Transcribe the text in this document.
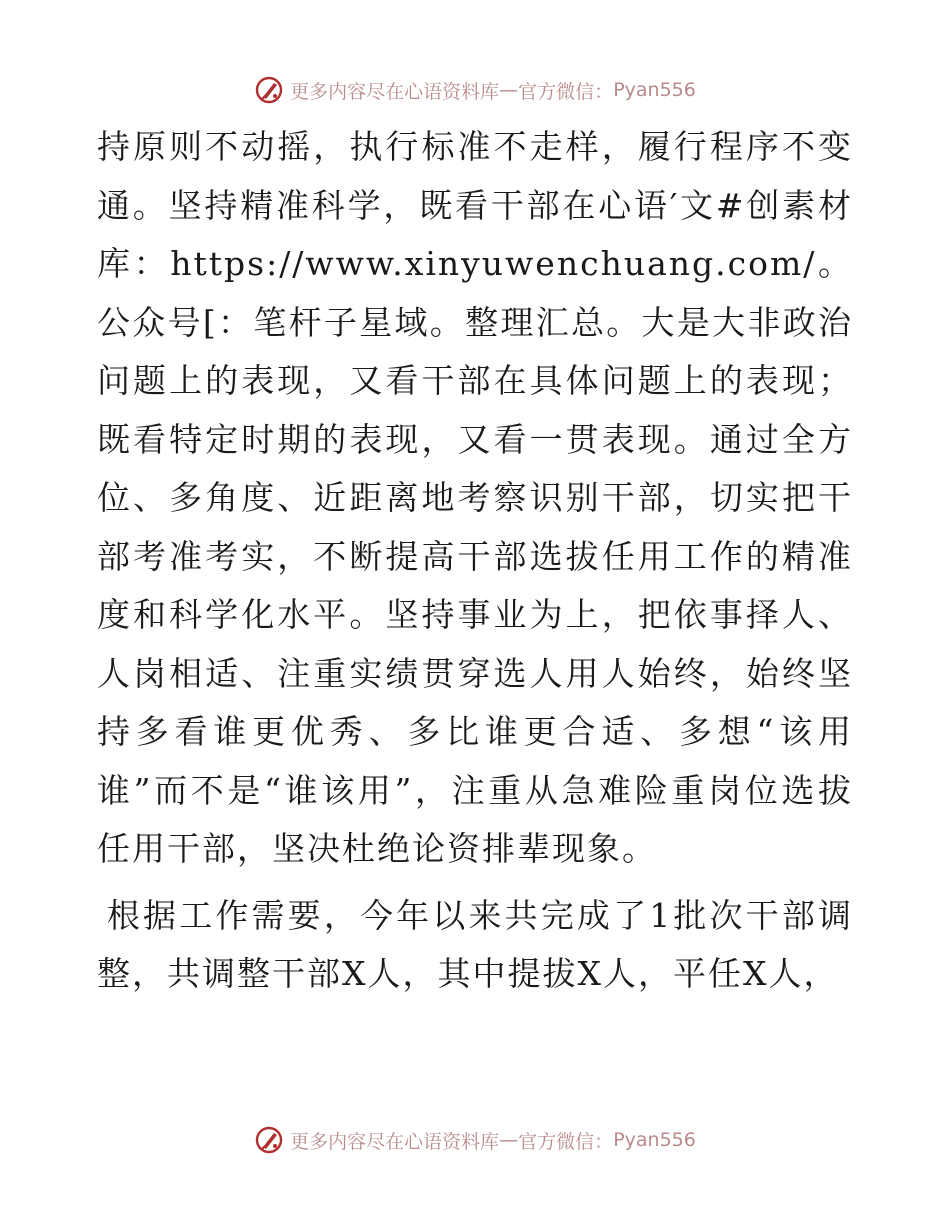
更多内容尽在心语资料库 — 官方微信： Pyan556

持原则不动摇，执行标准不走样，履行程序不变通。坚持精准科学，既看干部在心语′文#创素材库：https://www.xinyuwenchuang.com/。公众号[：笔杆子星域。整理汇总。大是大非政治问题上的表现，又看干部在具体问题上的表现；既看特定时期的表现，又看一贯表现。通过全方位、多角度、近距离地考察识别干部，切实把干部考准考实，不断提高干部选拔任用工作的精准度和科学化水平。坚持事业为上，把依事择人、人岗相适、注重实绩贯穿选人用人始终，始终坚持多看谁更优秀、多比谁更合适、多想“该用谁”而不是“谁该用”，注重从急难险重岗位选拔任用干部，坚决杜绝论资排辈现象。

根据工作需要，今年以来共完成了1批次干部调整，共调整干部X人，其中提拔X人，平任X人，

更多内容尽在心语资料库 — 官方微信： Pyan556
